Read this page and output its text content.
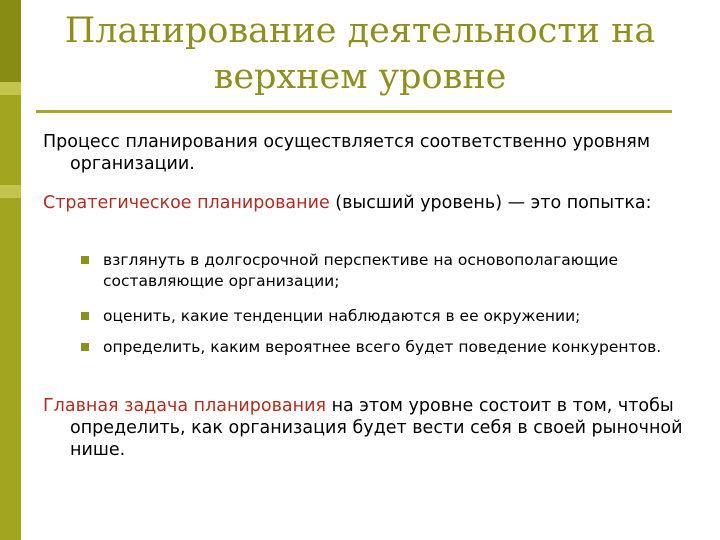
Планирование деятельности на верхнем уровне
Процесс планирования осуществляется соответственно уровням организации.
Стратегическое планирование (высший уровень) — это попытка:
взглянуть в долгосрочной перспективе на основополагающие составляющие организации;
оценить, какие тенденции наблюдаются в ее окружении;
определить, каким вероятнее всего будет поведение конкурентов.
Главная задача планирования на этом уровне состоит в том, чтобы определить, как организация будет вести себя в своей рыночной нише.
